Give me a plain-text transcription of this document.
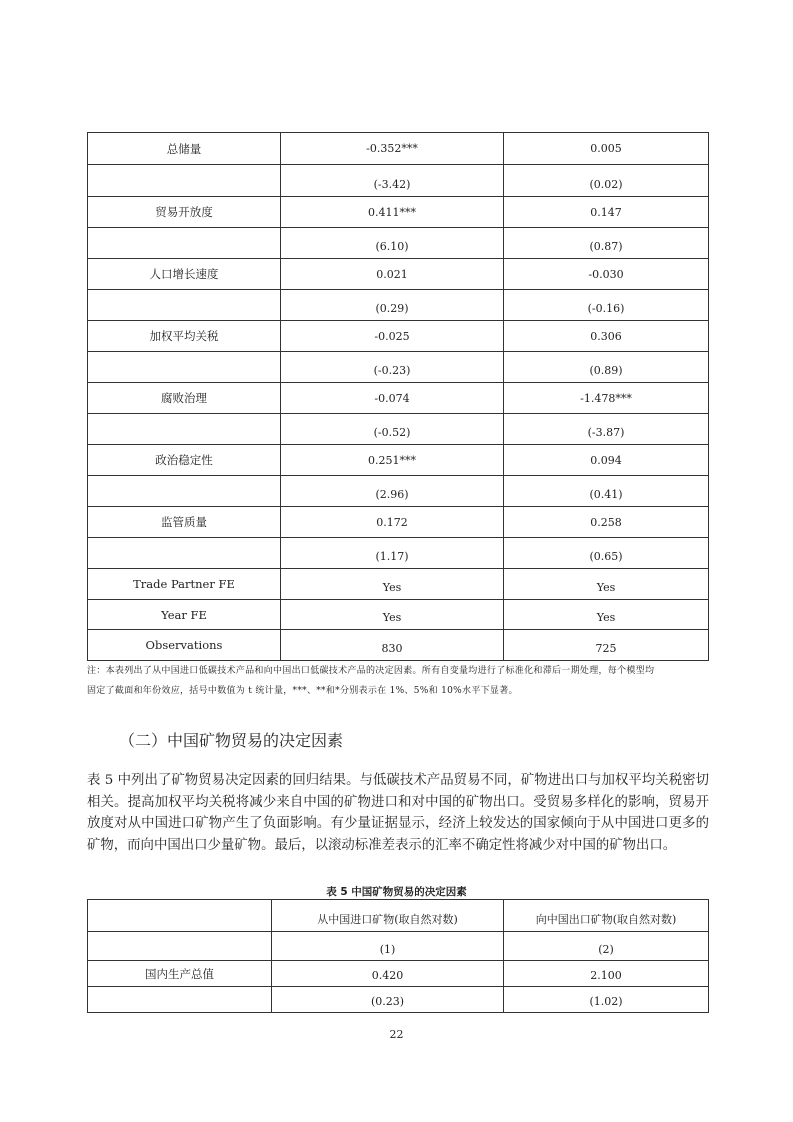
总储量	-0.352***	0.005
	(-3.42)	(0.02)
贸易开放度	0.411***	0.147
	(6.10)	(0.87)
人口增长速度	0.021	-0.030
	(0.29)	(-0.16)
加权平均关税	-0.025	0.306
	(-0.23)	(0.89)
腐败治理	-0.074	-1.478***
	(-0.52)	(-3.87)
政治稳定性	0.251***	0.094
	(2.96)	(0.41)
监管质量	0.172	0.258
	(1.17)	(0.65)
Trade Partner FE	Yes	Yes
Year FE	Yes	Yes
Observations	830	725
注：本表列出了从中国进口低碳技术产品和向中国出口低碳技术产品的决定因素。所有自变量均进行了标准化和滞后一期处理，每个模型均
固定了截面和年份效应，括号中数值为 t 统计量，***、**和*分别表示在 1%、5%和 10%水平下显著。
（二）中国矿物贸易的决定因素

表 5 中列出了矿物贸易决定因素的回归结果。与低碳技术产品贸易不同，矿物进出口与加权平均关税密切相关。提高加权平均关税将减少来自中国的矿物进口和对中国的矿物出口。受贸易多样化的影响，贸易开放度对从中国进口矿物产生了负面影响。有少量证据显示，经济上较发达的国家倾向于从中国进口更多的矿物，而向中国出口少量矿物。最后，以滚动标准差表示的汇率不确定性将减少对中国的矿物出口。

表 5 中国矿物贸易的决定因素
	从中国进口矿物(取自然对数)	向中国出口矿物(取自然对数)
	(1)	(2)
国内生产总值	0.420	2.100
	(0.23)	(1.02)
22
